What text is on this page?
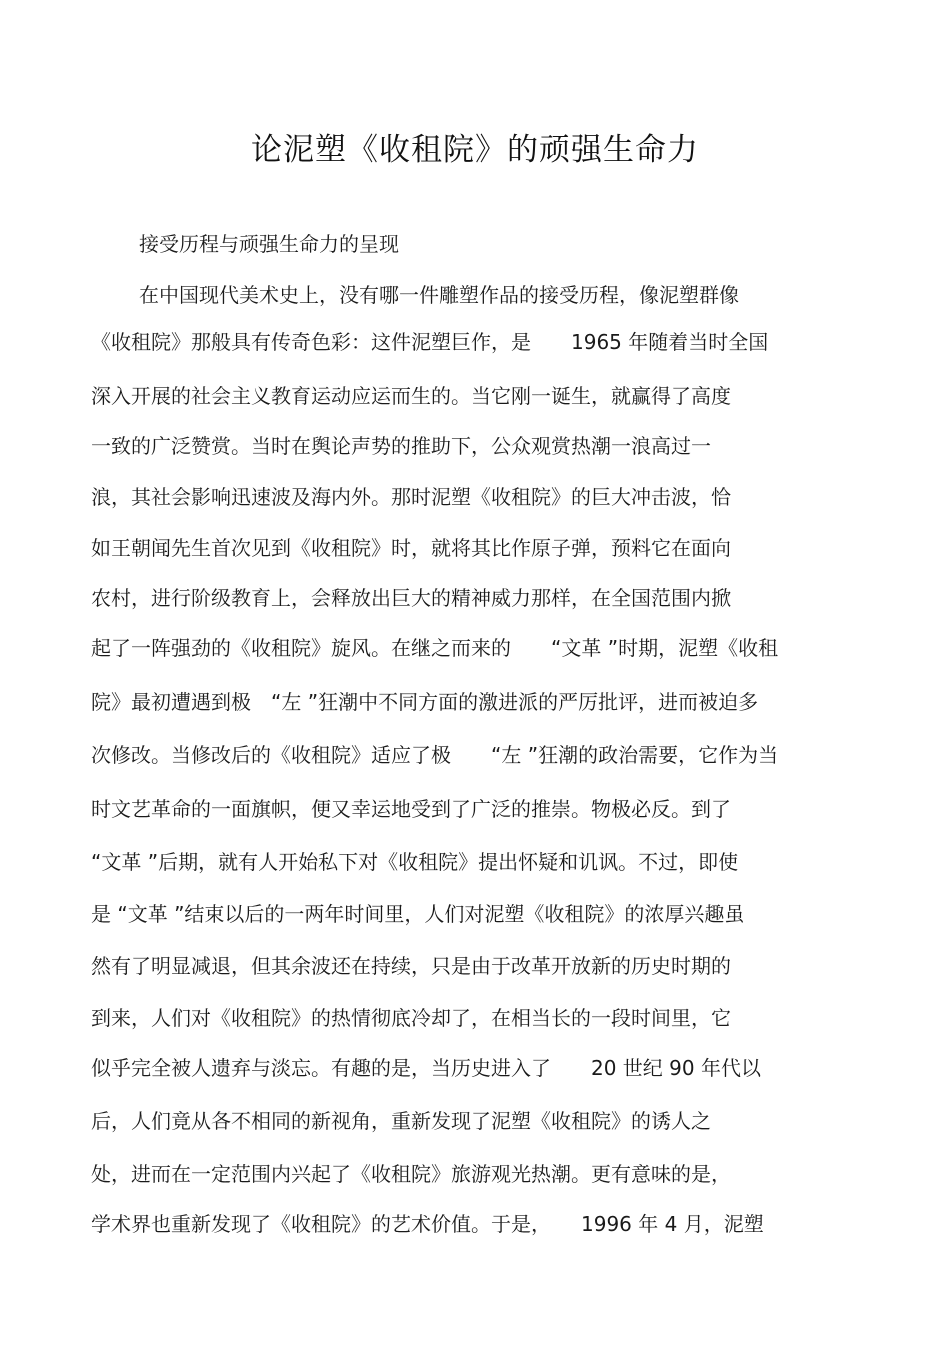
论泥塑《收租院》的顽强生命力
接受历程与顽强生命力的呈现
在中国现代美术史上，没有哪一件雕塑作品的接受历程，像泥塑群像
《收租院》那般具有传奇色彩：这件泥塑巨作，是　　1965 年随着当时全国
深入开展的社会主义教育运动应运而生的。当它刚一诞生，就赢得了高度
一致的广泛赞赏。当时在舆论声势的推助下，公众观赏热潮一浪高过一
浪，其社会影响迅速波及海内外。那时泥塑《收租院》的巨大冲击波，恰
如王朝闻先生首次见到《收租院》时，就将其比作原子弹，预料它在面向
农村，进行阶级教育上，会释放出巨大的精神威力那样，在全国范围内掀
起了一阵强劲的《收租院》旋风。在继之而来的　　“文革 ”时期，泥塑《收租
院》最初遭遇到极　“左 ”狂潮中不同方面的激进派的严厉批评，进而被迫多
次修改。当修改后的《收租院》适应了极　　“左 ”狂潮的政治需要，它作为当
时文艺革命的一面旗帜，便又幸运地受到了广泛的推崇。物极必反。到了
“文革 ”后期，就有人开始私下对《收租院》提出怀疑和讥讽。不过，即使
是 “文革 ”结束以后的一两年时间里，人们对泥塑《收租院》的浓厚兴趣虽
然有了明显减退，但其余波还在持续，只是由于改革开放新的历史时期的
到来，人们对《收租院》的热情彻底冷却了，在相当长的一段时间里，它
似乎完全被人遗弃与淡忘。有趣的是，当历史进入了　　20 世纪 90 年代以
后，人们竟从各不相同的新视角，重新发现了泥塑《收租院》的诱人之
处，进而在一定范围内兴起了《收租院》旅游观光热潮。更有意味的是，
学术界也重新发现了《收租院》的艺术价值。于是，　　1996 年 4 月，泥塑
